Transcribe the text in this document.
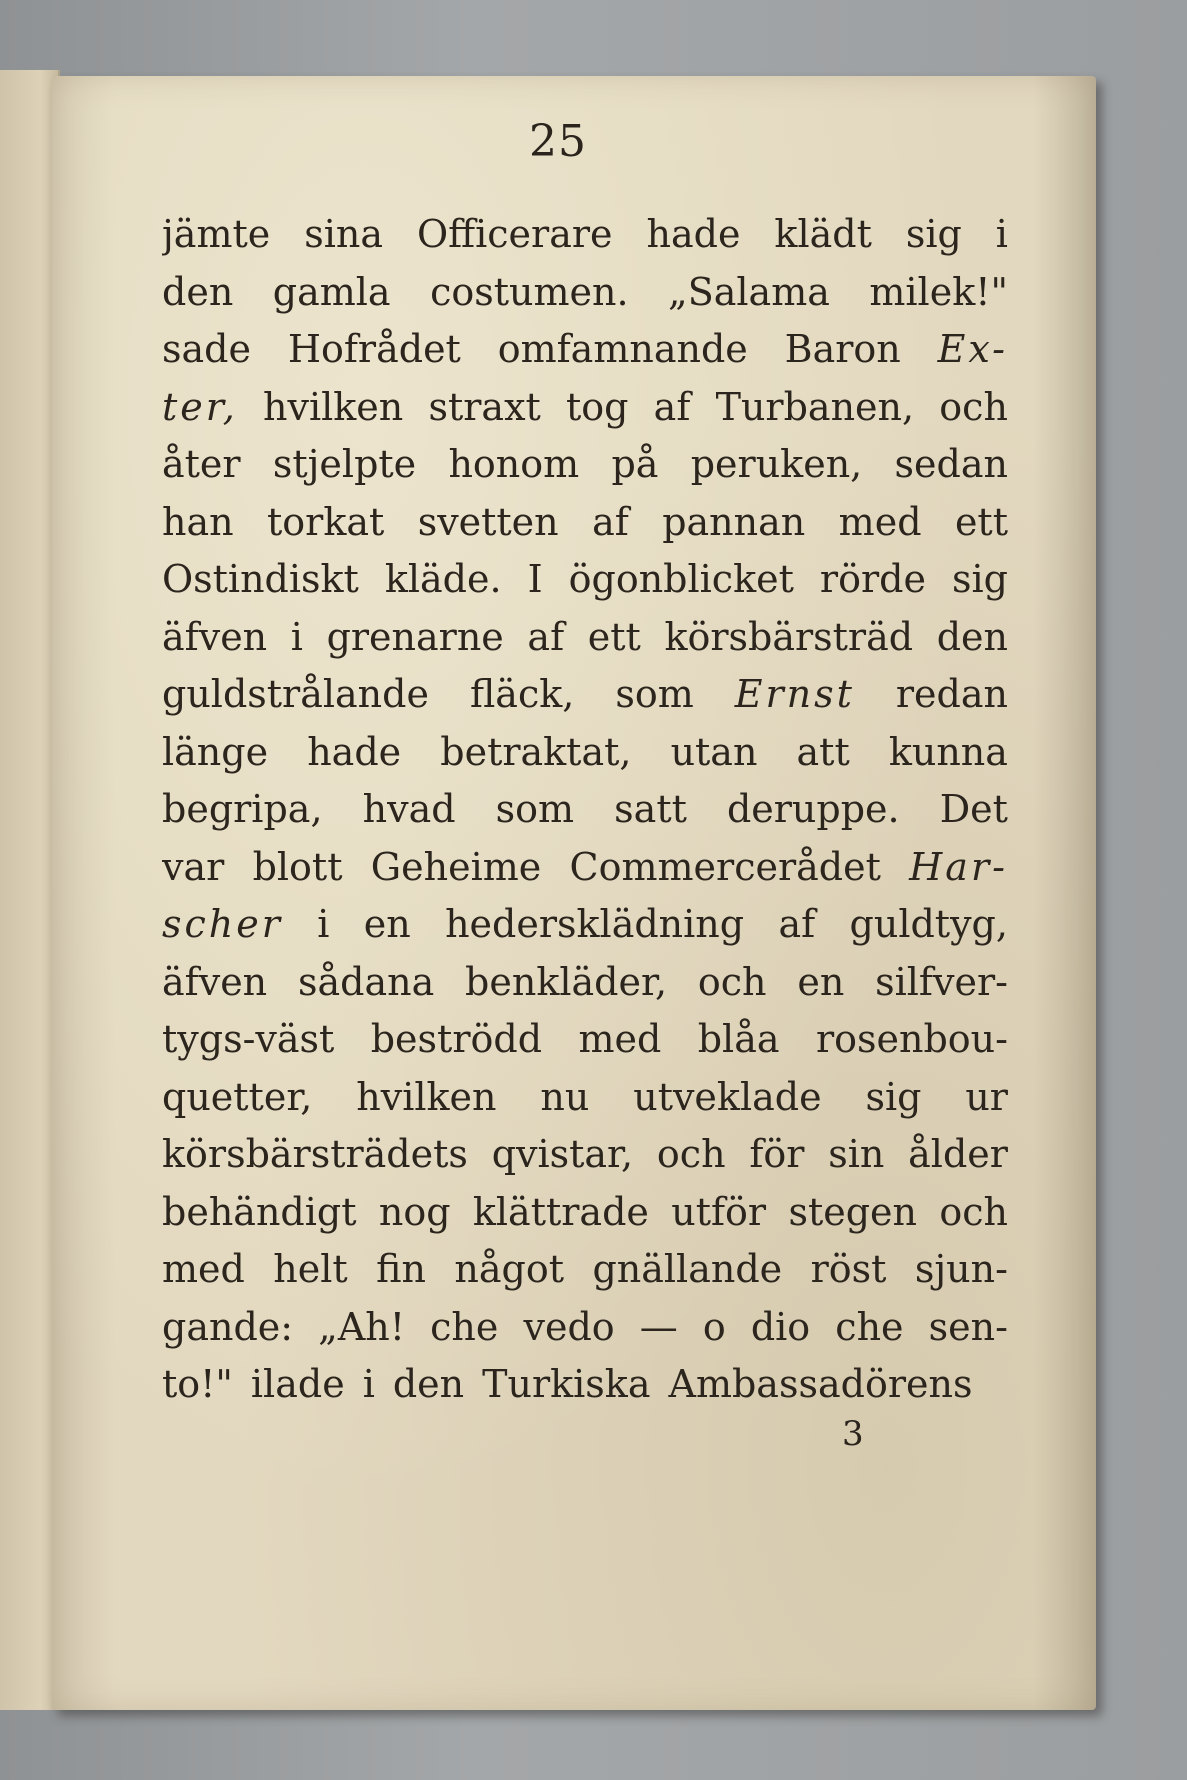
25
jämte sina Officerare hade klädt sig i
den gamla costumen. „Salama milek!"
sade Hofrådet omfamnande Baron Ex-
ter, hvilken straxt tog af Turbanen, och
åter stjelpte honom på peruken, sedan
han torkat svetten af pannan med ett
Ostindiskt kläde. I ögonblicket rörde sig
äfven i grenarne af ett körsbärsträd den
guldstrålande fläck, som Ernst redan
länge hade betraktat, utan att kunna
begripa, hvad som satt deruppe. Det
var blott Geheime Commercerådet Har-
scher i en hedersklädning af guldtyg,
äfven sådana benkläder, och en silfver-
tygs-väst beströdd med blåa rosenbou-
quetter, hvilken nu utveklade sig ur
körsbärsträdets qvistar, och för sin ålder
behändigt nog klättrade utför stegen och
med helt fin något gnällande röst sjun-
gande: „Ah! che vedo — o dio che sen-
to!" ilade i den Turkiska Ambassadörens
3
